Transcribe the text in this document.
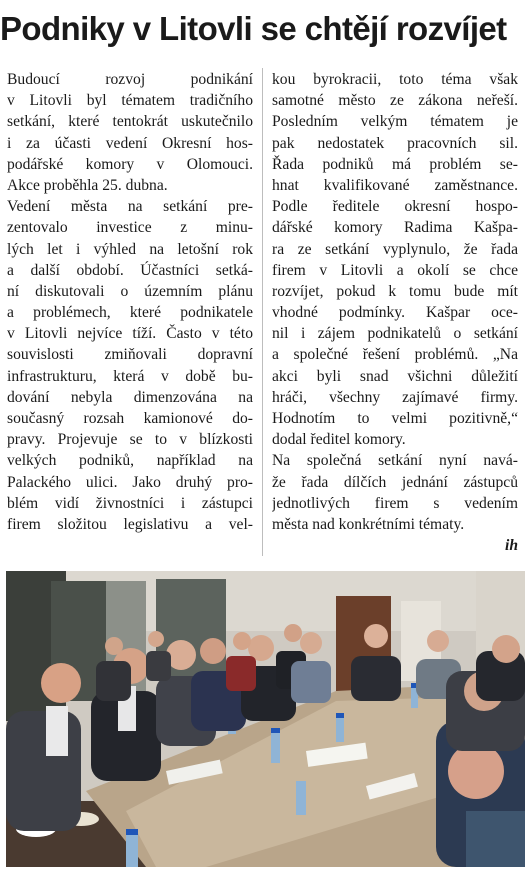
Podniky v Litovli se chtějí rozvíjet
Budoucí rozvoj podnikání
v Litovli byl tématem tradičního
setkání, které tentokrát uskutečnilo
i za účasti vedení Okresní hos-
podářské komory v Olomouci.
Akce proběhla 25. dubna.
Vedení města na setkání pre-
zentovalo investice z minu-
lých let i výhled na letošní rok
a další období. Účastníci setká-
ní diskutovali o územním plánu
a problémech, které podnikatele
v Litovli nejvíce tíží. Často v této
souvislosti zmiňovali dopravní
infrastrukturu, která v době bu-
dování nebyla dimenzována na
současný rozsah kamionové do-
pravy. Projevuje se to v blízkosti
velkých podniků, například na
Palackého ulici. Jako druhý pro-
blém vidí živnostníci i zástupci
firem složitou legislativu a vel-
kou byrokracii, toto téma však
samotné město ze zákona neřeší.
Posledním velkým tématem je
pak nedostatek pracovních sil.
Řada podniků má problém se-
hnat kvalifikované zaměstnance.
Podle ředitele okresní hospo-
dářské komory Radima Kašpa-
ra ze setkání vyplynulo, že řada
firem v Litovli a okolí se chce
rozvíjet, pokud k tomu bude mít
vhodné podmínky. Kašpar oce-
nil i zájem podnikatelů o setkání
a společné řešení problémů. „Na
akci byli snad všichni důležití
hráči, všechny zajímavé firmy.
Hodnotím to velmi pozitivně,“
dodal ředitel komory.
Na společná setkání nyní navá-
že řada dílčích jednání zástupců
jednotlivých firem s vedením
města nad konkrétními tématy.
ih
